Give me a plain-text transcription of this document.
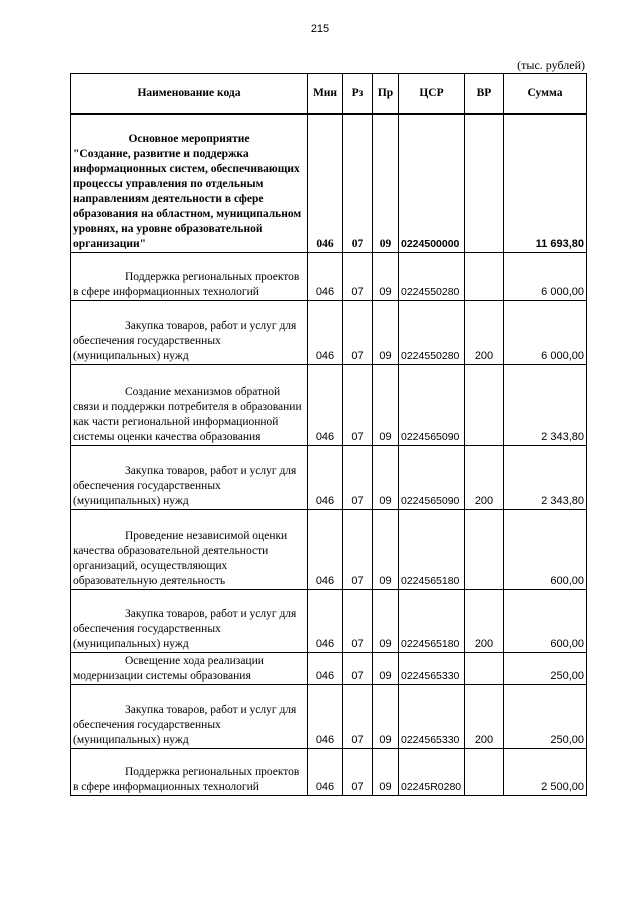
215
(тыс. рублей)
Наименование кода	Мин	Рз	Пр	ЦСР	ВР	Сумма

Основное мероприятие
"Создание, развитие и поддержка информационных систем, обеспечивающих процессы управления по отдельным направлениям деятельности в сфере образования на областном, муниципальном уровнях, на уровне образовательной организации"	046	07	09	0224500000		11 693,80
Поддержка региональных проектов в сфере информационных технологий	046	07	09	0224550280		6 000,00
Закупка товаров, работ и услуг для обеспечения государственных (муниципальных) нужд	046	07	09	0224550280	200	6 000,00
Создание механизмов обратной связи и поддержки потребителя в образовании как части региональной информационной системы оценки качества образования	046	07	09	0224565090		2 343,80
Закупка товаров, работ и услуг для обеспечения государственных (муниципальных) нужд	046	07	09	0224565090	200	2 343,80
Проведение независимой оценки качества образовательной деятельности организаций, осуществляющих образовательную деятельность	046	07	09	0224565180		600,00
Закупка товаров, работ и услуг для обеспечения государственных (муниципальных) нужд	046	07	09	0224565180	200	600,00
Освещение хода реализации модернизации системы образования	046	07	09	0224565330		250,00
Закупка товаров, работ и услуг для обеспечения государственных (муниципальных) нужд	046	07	09	0224565330	200	250,00
Поддержка региональных проектов в сфере информационных технологий	046	07	09	02245R0280		2 500,00
